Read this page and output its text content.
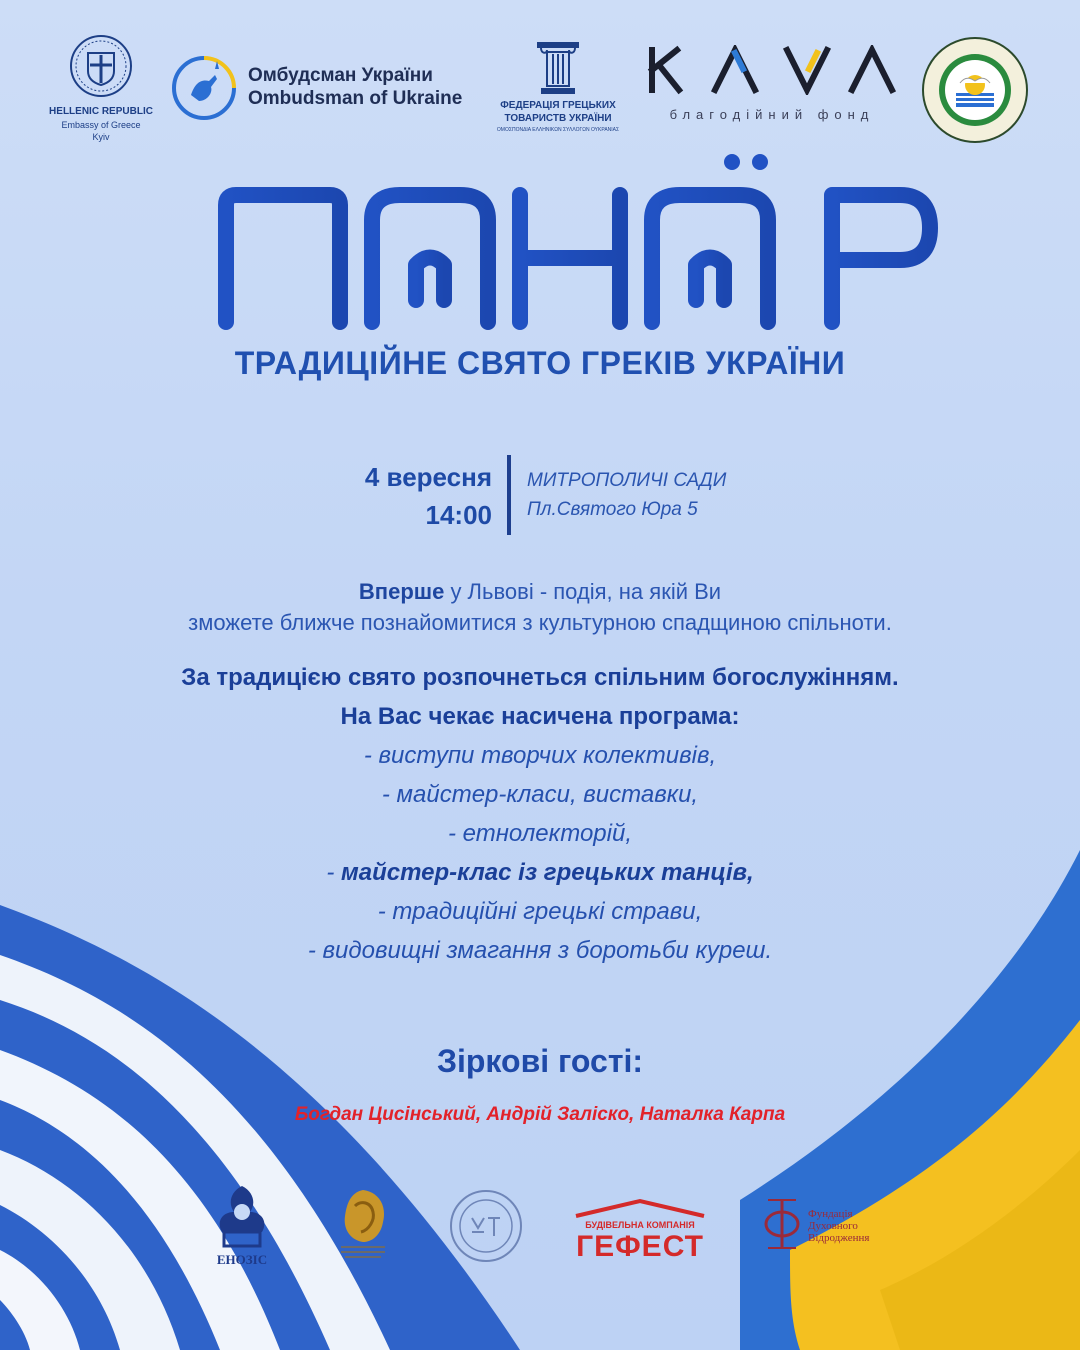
HELLENIC REPUBLIC
Embassy of Greece
Kyiv
Омбудсман України
Ombudsman of Ukraine	ФЕДЕРАЦІЯ ГРЕЦЬКИХ
ТОВАРИСТВ УКРАЇНИ
ΟΜΟΣΠΟΝΔΙΑ ΕΛΛΗΝΙΚΩΝ ΣΥΛΛΟΓΩΝ ΟΥΚΡΑΝΙΑΣ
благодійний фонд
ТРАДИЦІЙНЕ СВЯТО ГРЕКІВ УКРАЇНИ
4 вересня
14:00
МИТРОПОЛИЧІ САДИ
Пл.Святого Юра 5
Вперше у Львові - подія, на якій Ви
зможете ближче познайомитися з культурною спадщиною спільноти.
За традицією свято розпочнеться спільним богослужінням.
На Вас чекає насичена програма:
- виступи творчих колективів,
- майстер-класи, виставки,
- етнолекторій,
- майстер-клас із грецьких танців,
- традиційні грецькі страви,
- видовищні змагання з боротьби куреш.
Зіркові гості:
Богдан Цисінський, Андрій Заліско, Наталка Карпа
ЕНОЗІС
БУДІВЕЛЬНА КОМПАНІЯ
ГЕФЕСТ
Фундація
Духовного
Відродження
